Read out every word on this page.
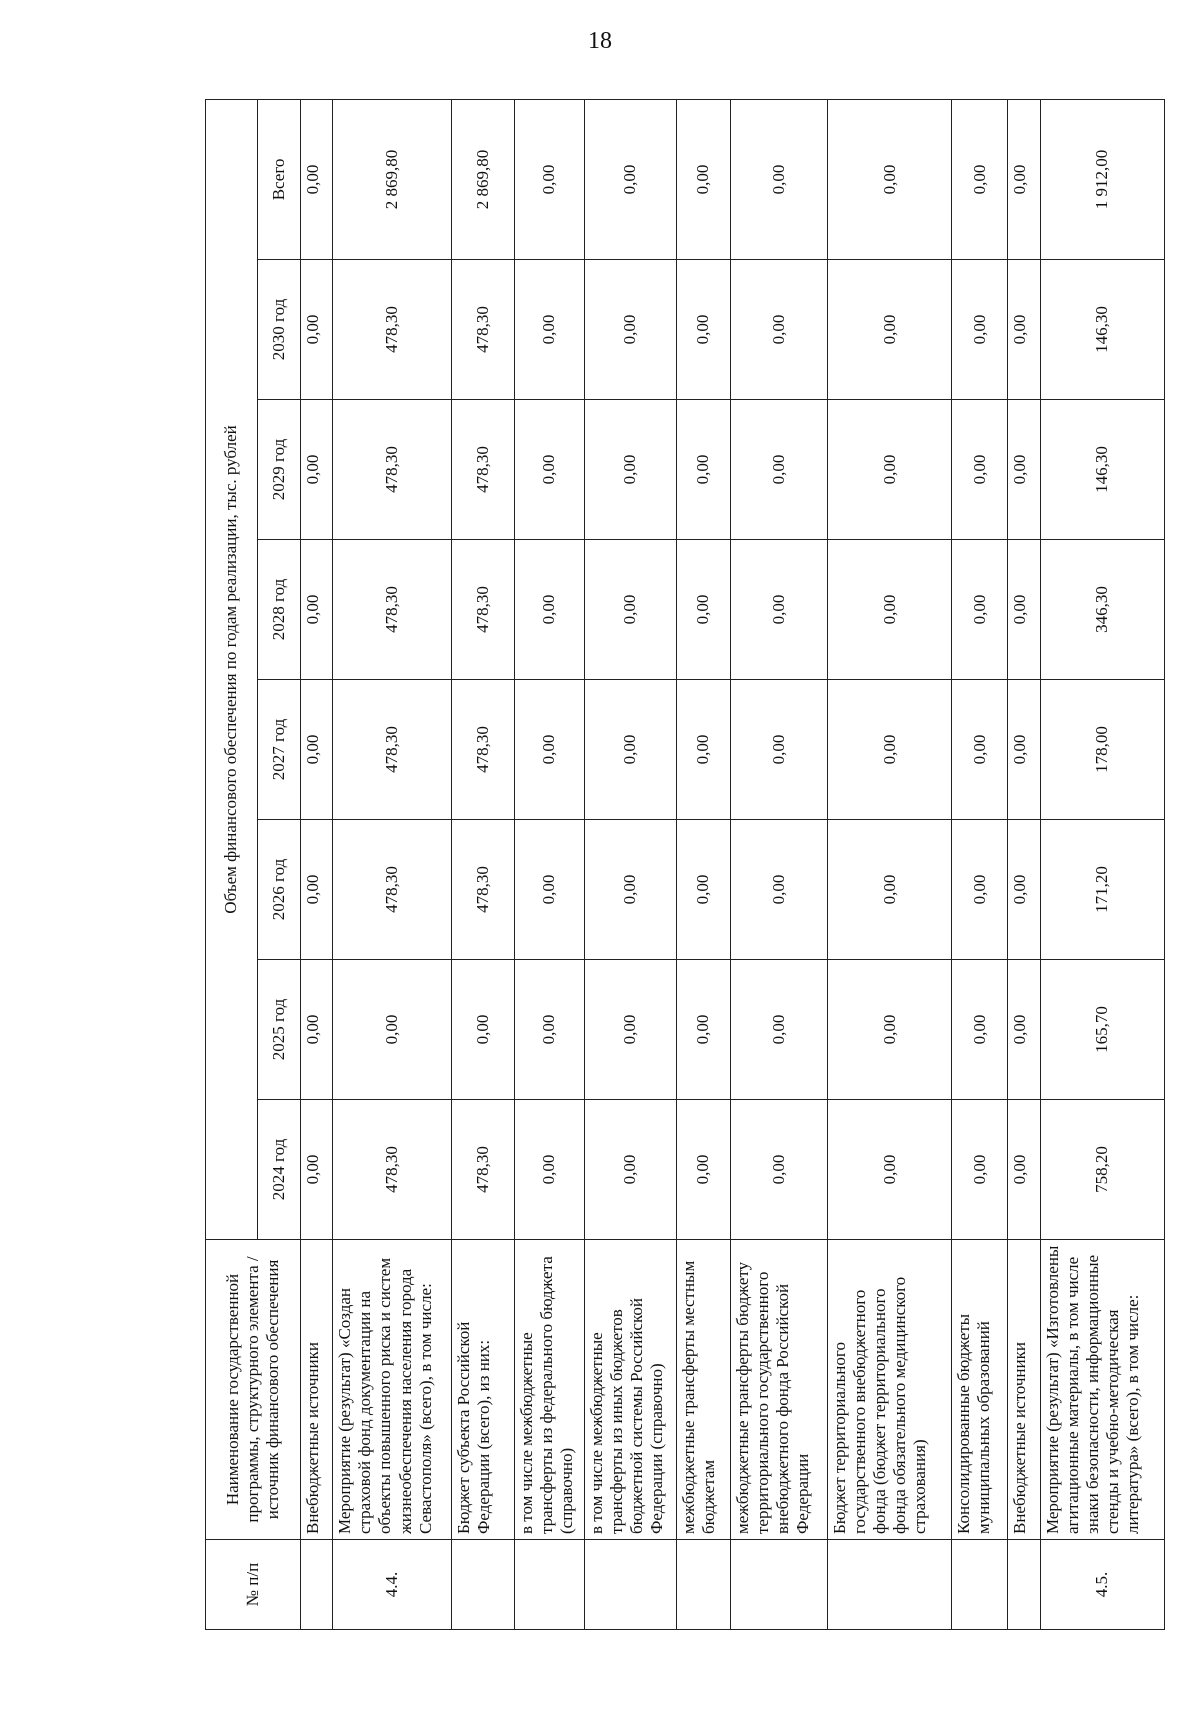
18
№ п/п	Наименование государственной программы, структурного элемента / источник финансового обеспечения	Объем финансового обеспечения по годам реализации, тыс. рублей							
		2024 год	2025 год	2026 год	2027 год	2028 год	2029 год	2030 год	Всего
	Внебюджетные источники	0,00	0,00	0,00	0,00	0,00	0,00	0,00	0,00
4.4.	Мероприятие (результат) «Создан страховой фонд документации на объекты повышенного риска и систем жизнеобеспечения населения города Севастополя» (всего), в том числе:	478,30	0,00	478,30	478,30	478,30	478,30	478,30	2 869,80
	Бюджет субъекта Российской Федерации (всего), из них:	478,30	0,00	478,30	478,30	478,30	478,30	478,30	2 869,80
	в том числе межбюджетные трансферты из федерального бюджета (справочно)	0,00	0,00	0,00	0,00	0,00	0,00	0,00	0,00
	в том числе межбюджетные трансферты из иных бюджетов бюджетной системы Российской Федерации (справочно)	0,00	0,00	0,00	0,00	0,00	0,00	0,00	0,00
	межбюджетные трансферты местным бюджетам	0,00	0,00	0,00	0,00	0,00	0,00	0,00	0,00
	межбюджетные трансферты бюджету территориального государственного внебюджетного фонда Российской Федерации	0,00	0,00	0,00	0,00	0,00	0,00	0,00	0,00
	Бюджет территориального государственного внебюджетного фонда (бюджет территориального фонда обязательного медицинского страхования)	0,00	0,00	0,00	0,00	0,00	0,00	0,00	0,00
	Консолидированные бюджеты муниципальных образований	0,00	0,00	0,00	0,00	0,00	0,00	0,00	0,00
	Внебюджетные источники	0,00	0,00	0,00	0,00	0,00	0,00	0,00	0,00
4.5.	Мероприятие (результат) «Изготовлены агитационные материалы, в том числе знаки безопасности, информационные стенды и учебно-методическая литература» (всего), в том числе:	758,20	165,70	171,20	178,00	346,30	146,30	146,30	1 912,00
